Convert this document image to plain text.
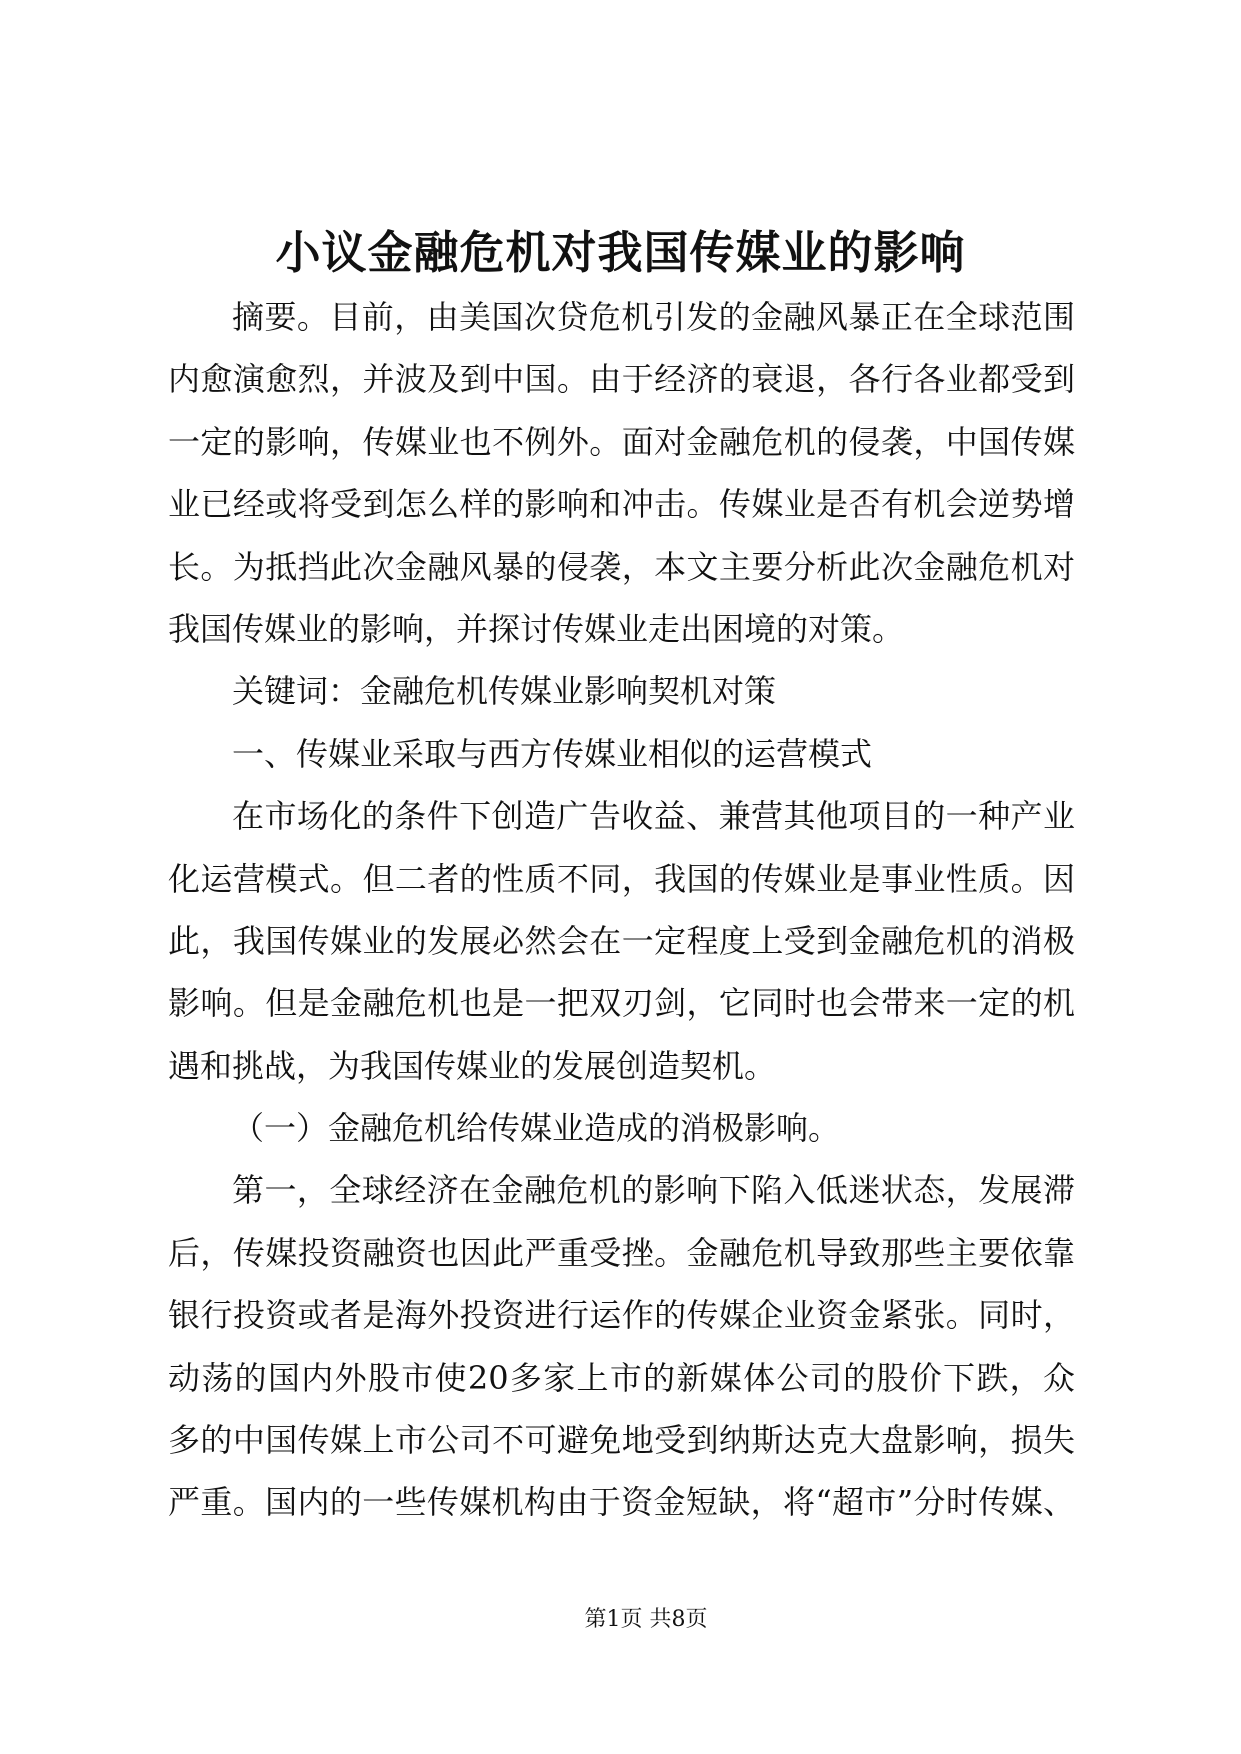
小议金融危机对我国传媒业的影响
摘要。目前，由美国次贷危机引发的金融风暴正在全球范围
内愈演愈烈，并波及到中国。由于经济的衰退，各行各业都受到
一定的影响，传媒业也不例外。面对金融危机的侵袭，中国传媒
业已经或将受到怎么样的影响和冲击。传媒业是否有机会逆势增
长。为抵挡此次金融风暴的侵袭，本文主要分析此次金融危机对
我国传媒业的影响，并探讨传媒业走出困境的对策。
关键词：金融危机传媒业影响契机对策
一、传媒业采取与西方传媒业相似的运营模式
在市场化的条件下创造广告收益、兼营其他项目的一种产业
化运营模式。但二者的性质不同，我国的传媒业是事业性质。因
此，我国传媒业的发展必然会在一定程度上受到金融危机的消极
影响。但是金融危机也是一把双刃剑，它同时也会带来一定的机
遇和挑战，为我国传媒业的发展创造契机。
（一）金融危机给传媒业造成的消极影响。
第一，全球经济在金融危机的影响下陷入低迷状态，发展滞
后，传媒投资融资也因此严重受挫。金融危机导致那些主要依靠
银行投资或者是海外投资进行运作的传媒企业资金紧张。同时，
动荡的国内外股市使20多家上市的新媒体公司的股价下跌，众
多的中国传媒上市公司不可避免地受到纳斯达克大盘影响，损失
严重。国内的一些传媒机构由于资金短缺，将“超市”分时传媒、
第1页 共8页
